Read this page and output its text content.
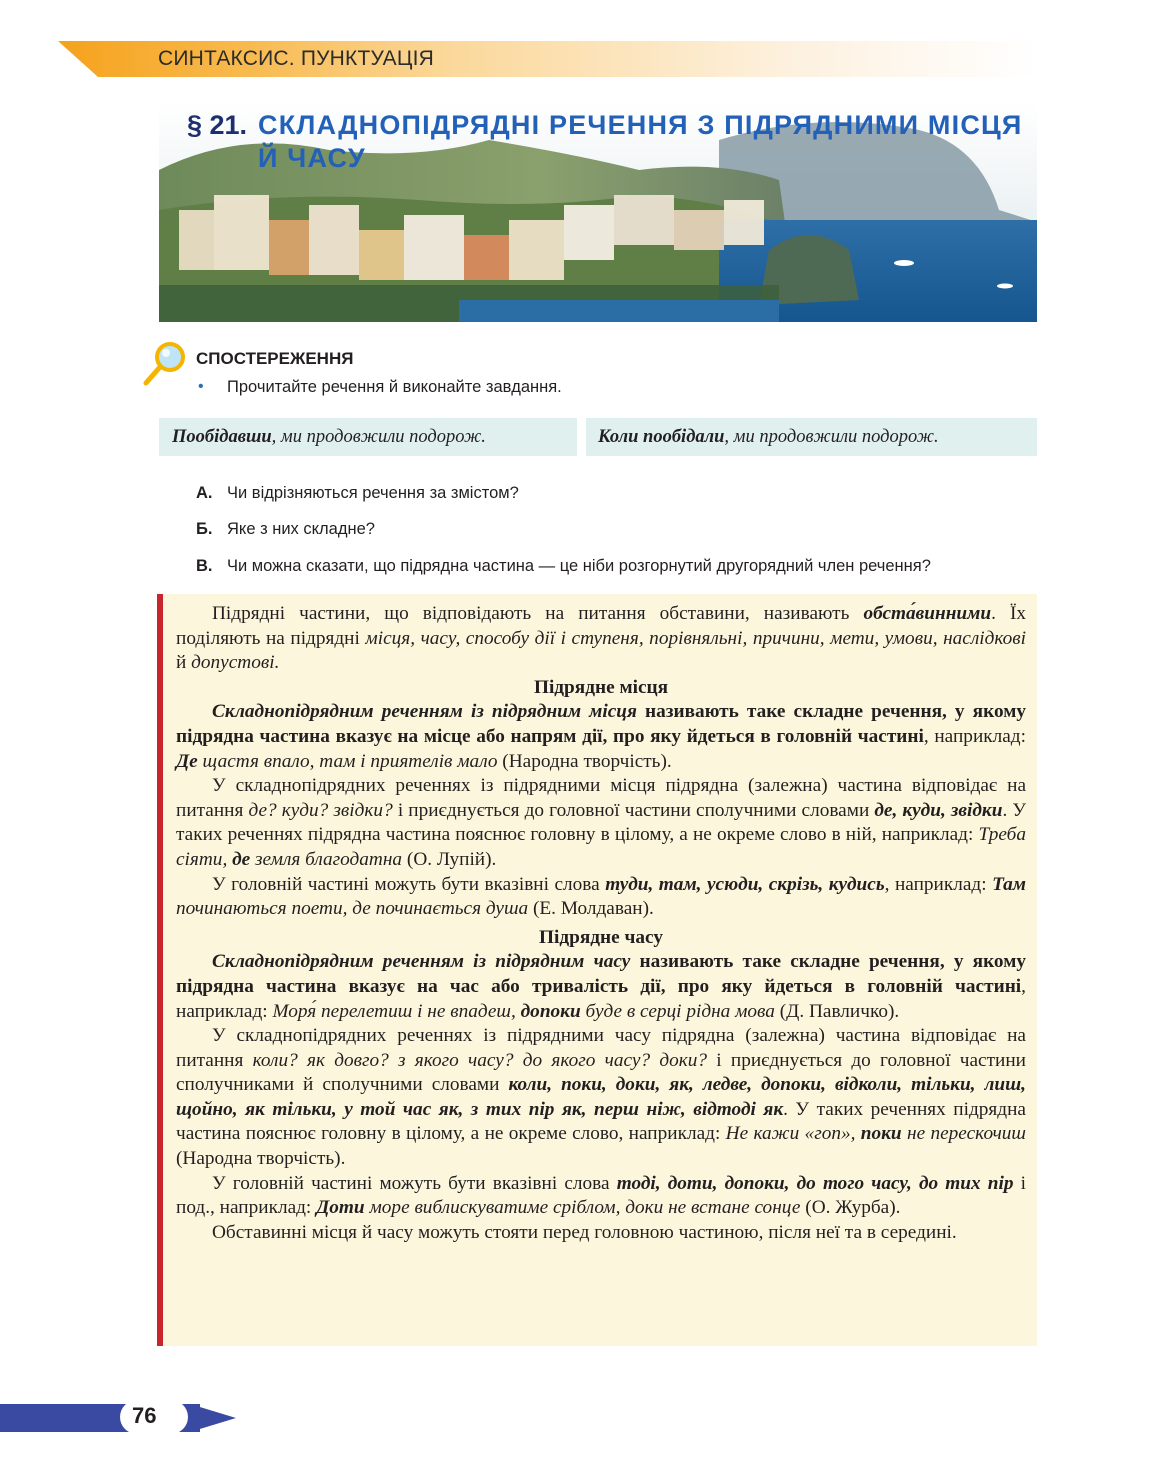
СИНТАКСИС. ПУНКТУАЦІЯ
§ 21. СКЛАДНОПІДРЯДНІ РЕЧЕННЯ З ПІДРЯДНИМИ МІСЦЯ
Й ЧАСУ
СПОСТЕРЕЖЕННЯ
• Прочитайте речення й виконайте завдання.
Пообідавши, ми продовжили подорож.	Коли пообідали, ми продовжили подорож.
А. Чи відрізняються речення за змістом?
Б. Яке з них складне?
В. Чи можна сказати, що підрядна частина — це ніби розгорнутий другорядний член речення?

Підрядні частини, що відповідають на питання обставини, називають обста́винними. Їх поділяють на підрядні місця, часу, способу дії і ступеня, порівняльні, причини, мети, умови, наслідкові й допустові.

Підрядне місця

Складнопідрядним реченням із підрядним місця називають таке складне речення, у якому підрядна частина вказує на місце або напрям дії, про яку йдеться в головній частині, наприклад: Де щастя впало, там і приятелів мало (Народна творчість).

У складнопідрядних реченнях із підрядними місця підрядна (залежна) частина відповідає на питання де? куди? звідки? і приєднується до головної частини сполучними словами де, куди, звідки. У таких реченнях підрядна частина пояснює головну в цілому, а не окреме слово в ній, наприклад: Треба сіяти, де земля благодатна (О. Лупій).

У головній частині можуть бути вказівні слова туди, там, усюди, скрізь, кудись, наприклад: Там починаються поети, де починається душа (Е. Молдаван).

Підрядне часу

Складнопідрядним реченням із підрядним часу називають таке складне речення, у якому підрядна частина вказує на час або тривалість дії, про яку йдеться в головній частині, наприклад: Моря́ перелетиш і не впадеш, допоки буде в серці рідна мова (Д. Павличко).

У складнопідрядних реченнях із підрядними часу підрядна (залежна) частина відповідає на питання коли? як довго? з якого часу? до якого часу? доки? і приєднується до головної частини сполучниками й сполучними словами коли, поки, доки, як, ледве, допоки, відколи, тільки, лиш, щойно, як тільки, у той час як, з тих пір як, перш ніж, відтоді як. У таких реченнях підрядна частина пояснює головну в цілому, а не окреме слово, наприклад: Не кажи «гоп», поки не перескочиш (Народна творчість).

У головній частині можуть бути вказівні слова тоді, доти, допоки, до того часу, до тих пір і под., наприклад: Доти море виблискуватиме сріблом, доки не встане сонце (О. Журба).

Обставинні місця й часу можуть стояти перед головною частиною, після неї та в середині.

76
